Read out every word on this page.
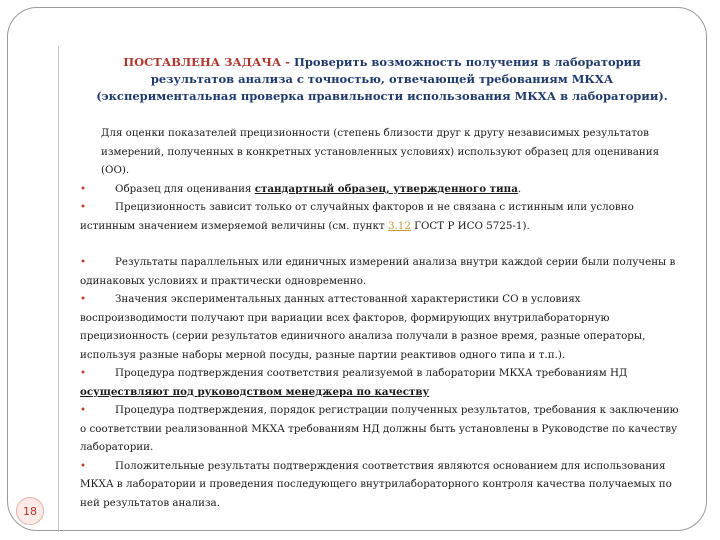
ПОСТАВЛЕНА ЗАДАЧА - Проверить возможность получения в лаборатории результатов анализа с точностью, отвечающей требованиям МКХА (экспериментальная проверка правильности использования МКХА в лаборатории).

Для оценки показателей прецизионности (степень близости друг к другу независимых результатов измерений, полученных в конкретных установленных условиях) используют образец для оценивания (ОО).

•	Образец для оценивания стандартный образец, утвержденного типа.

•	Прецизионность зависит только от случайных факторов и не связана с истинным или условно истинным значением измеряемой величины (см. пункт 3.12 ГОСТ Р ИСО 5725-1).

•	Результаты параллельных или единичных измерений анализа внутри каждой серии были получены в одинаковых условиях и практически одновременно.

•	Значения экспериментальных данных аттестованной характеристики СО в условиях воспроизводимости получают при вариации всех факторов, формирующих внутрилабораторную прецизионность (серии результатов единичного анализа получали в разное время, разные операторы, используя разные наборы мерной посуды, разные партии реактивов одного типа и т.п.).

•	Процедура подтверждения соответствия реализуемой в лаборатории МКХА требованиям НД
осуществляют под руководством менеджера по качеству

•	Процедура подтверждения, порядок регистрации полученных результатов, требования к заключению о соответствии реализованной МКХА требованиям НД должны быть установлены в Руководстве по качеству лаборатории.

•	Положительные результаты подтверждения соответствия являются основанием для использования МКХА в лаборатории и проведения последующего внутрилабораторного контроля качества получаемых по ней результатов анализа.

18
